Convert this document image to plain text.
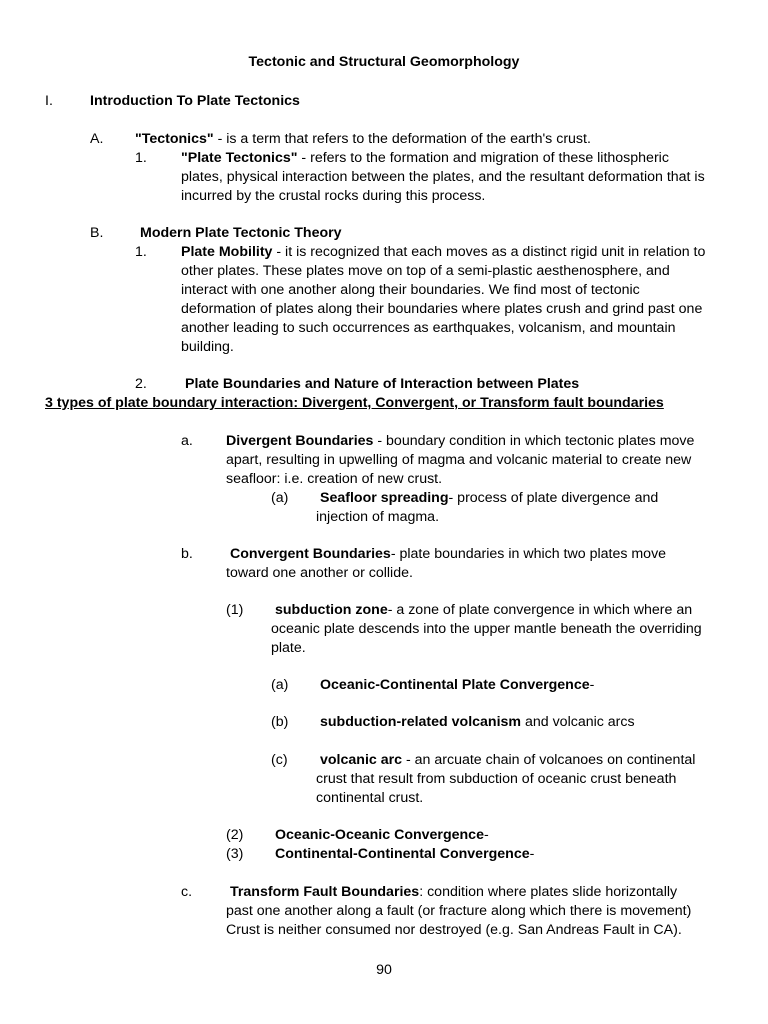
Tectonic and Structural Geomorphology
I.	Introduction To Plate Tectonics
A. "Tectonics" - is a term that refers to the deformation of the earth's crust.
1. "Plate Tectonics" - refers to the formation and migration of these lithospheric
plates, physical interaction between the plates, and the resultant deformation that is
incurred by the crustal rocks during this process.
B.	Modern Plate Tectonic Theory
1. Plate Mobility - it is recognized that each moves as a distinct rigid unit in relation to
other plates. These plates move on top of a semi-plastic aesthenosphere, and
interact with one another along their boundaries. We find most of tectonic
deformation of plates along their boundaries where plates crush and grind past one
another leading to such occurrences as earthquakes, volcanism, and mountain
building.
2.	Plate Boundaries and Nature of Interaction between Plates
3 types of plate boundary interaction: Divergent, Convergent, or Transform fault boundaries
a. Divergent Boundaries - boundary condition in which tectonic plates move
apart, resulting in upwelling of magma and volcanic material to create new
seafloor: i.e. creation of new crust.
(a) Seafloor spreading- process of plate divergence and
injection of magma.
b.	Convergent Boundaries- plate boundaries in which two plates move
toward one another or collide.
(1) subduction zone- a zone of plate convergence in which where an
oceanic plate descends into the upper mantle beneath the overriding
plate.
(a) Oceanic-Continental Plate Convergence-
(b) subduction-related volcanism and volcanic arcs
(c) volcanic arc - an arcuate chain of volcanoes on continental
crust that result from subduction of oceanic crust beneath
continental crust.
(2) Oceanic-Oceanic Convergence-
(3) Continental-Continental Convergence-
c.	Transform Fault Boundaries: condition where plates slide horizontally
past one another along a fault (or fracture along which there is movement)
Crust is neither consumed nor destroyed (e.g. San Andreas Fault in CA).
90
